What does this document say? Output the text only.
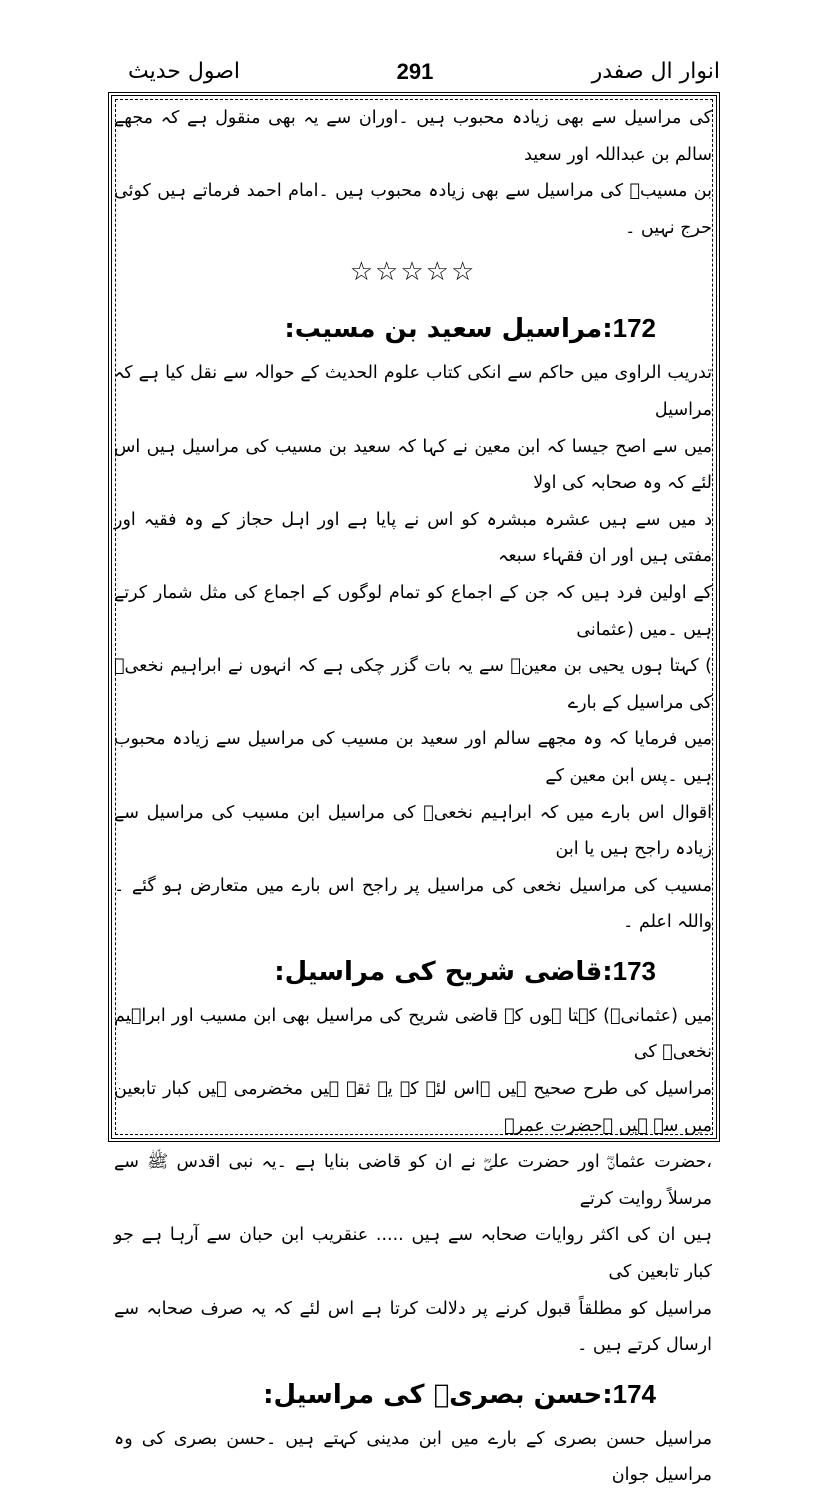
انوار ال صفدر
291
اصول حدیث

کی مراسیل سے بھی زیادہ محبوب ہیں ۔اوران سے یہ بھی منقول ہے کہ مجھے سالم بن عبداللہ اور سعید

بن مسیبؒ کی مراسیل سے بھی زیادہ محبوب ہیں ۔امام احمد فرماتے ہیں کوئی حرج نہیں ۔

☆☆☆☆☆
172:مراسیل سعید بن مسیب:

تدریب الراوی میں حاکم سے انکی کتاب علوم الحدیث کے حوالہ سے نقل کیا ہے کہ مراسیل

میں سے اصح جیسا کہ ابن معین نے کہا کہ سعید بن مسیب کی مراسیل ہیں اس لئے کہ وہ صحابہ کی اولا

د میں سے ہیں عشرہ مبشرہ کو اس نے پایا ہے اور اہل حجاز کے وہ فقیہ اور مفتی ہیں اور ان فقہاء سبعہ

کے اولین فرد ہیں کہ جن کے اجماع کو تمام لوگوں کے اجماع کی مثل شمار کرتے ہیں ۔میں (عثمانی

) کہتا ہوں یحیی بن معینؒ سے یہ بات گزر چکی ہے کہ انہوں نے ابراہیم نخعیؒ کی مراسیل کے بارے

میں فرمایا کہ وہ مجھے سالم اور سعید بن مسیب کی مراسیل سے زیادہ محبوب ہیں ۔پس ابن معین کے

اقوال اس بارے میں کہ ابراہیم نخعیؒ کی مراسیل ابن مسیب کی مراسیل سے زیادہ راجح ہیں یا ابن

مسیب کی مراسیل نخعی کی مراسیل پر راجح اس بارے میں متعارض ہو گئے ۔واللہ اعلم ۔

173:قاضی شریح کی مراسیل:

میں (عثمانیؒ) کہتا ہوں کہ قاضی شریح کی مراسیل بھی ابن مسیب اور ابراہیم نخعیؒ کی

مراسیل کی طرح صحیح ہیں ۔اس لئے کہ یہ ثقہ ہیں مخضرمی ہیں کبار تابعین میں سے ہیں ۔حضرت عمرؓ

،حضرت عثمانؓ اور حضرت علیؓ نے ان کو قاضی بنایا ہے ۔یہ نبی اقدس ﷺ سے مرسلاً روایت کرتے

ہیں ان کی اکثر روایات صحابہ سے ہیں ..... عنقریب ابن حبان سے آرہا ہے جو کبار تابعین کی

مراسیل کو مطلقاً قبول کرنے پر دلالت کرتا ہے اس لئے کہ یہ صرف صحابہ سے ارسال کرتے ہیں ۔

174:حسن بصریؒ کی مراسیل:

مراسیل حسن بصری کے بارے میں ابن مدینی کہتے ہیں ۔حسن بصری کی وہ مراسیل جوان
